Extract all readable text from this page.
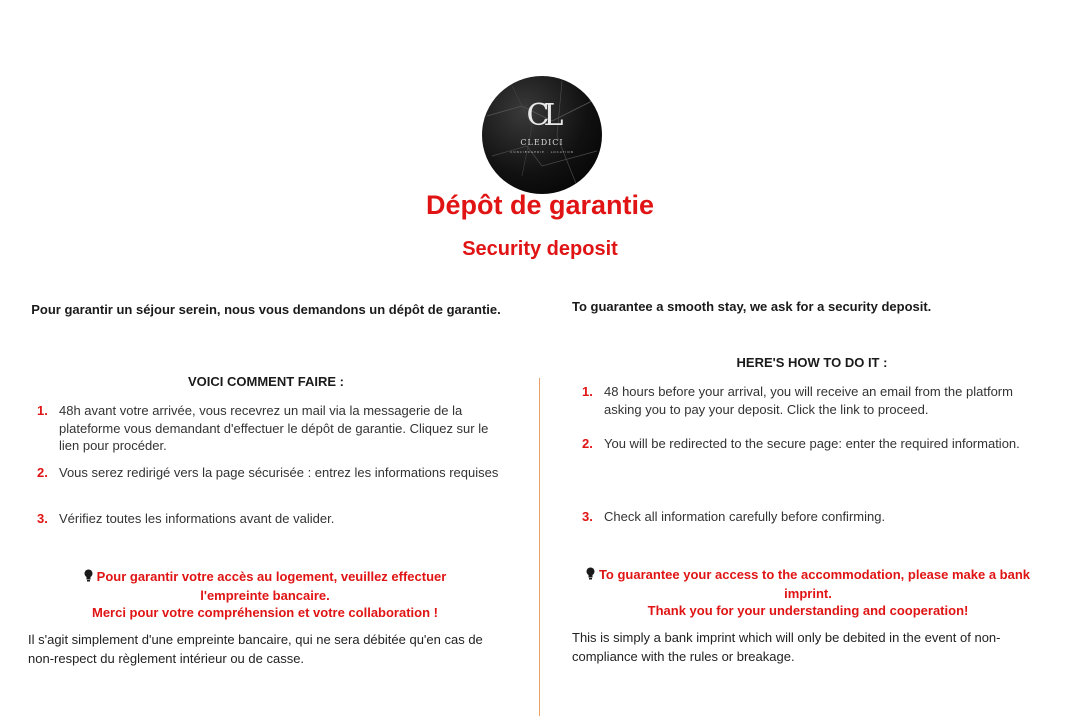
CL
CLEDICI
CONCIERGERIE · LOCATION
Dépôt de garantie
Security deposit
Pour garantir un séjour serein, nous vous demandons un dépôt de garantie.
VOICI COMMENT FAIRE :
1. 48h avant votre arrivée, vous recevrez un mail via la messagerie de la plateforme vous demandant d'effectuer le dépôt de garantie. Cliquez sur le lien pour procéder.
2. Vous serez redirigé vers la page sécurisée : entrez les informations requises
3. Vérifiez toutes les informations avant de valider.
Pour garantir votre accès au logement, veuillez effectuer l'empreinte bancaire.
Merci pour votre compréhension et votre collaboration !
Il s'agit simplement d'une empreinte bancaire, qui ne sera débitée qu'en cas de non-respect du règlement intérieur ou de casse.
To guarantee a smooth stay, we ask for a security deposit.
HERE'S HOW TO DO IT :
1. 48 hours before your arrival, you will receive an email from the platform asking you to pay your deposit. Click the link to proceed.
2. You will be redirected to the secure page: enter the required information.
3. Check all information carefully before confirming.
To guarantee your access to the accommodation, please make a bank imprint.
Thank you for your understanding and cooperation!
This is simply a bank imprint which will only be debited in the event of non-compliance with the rules or breakage.
